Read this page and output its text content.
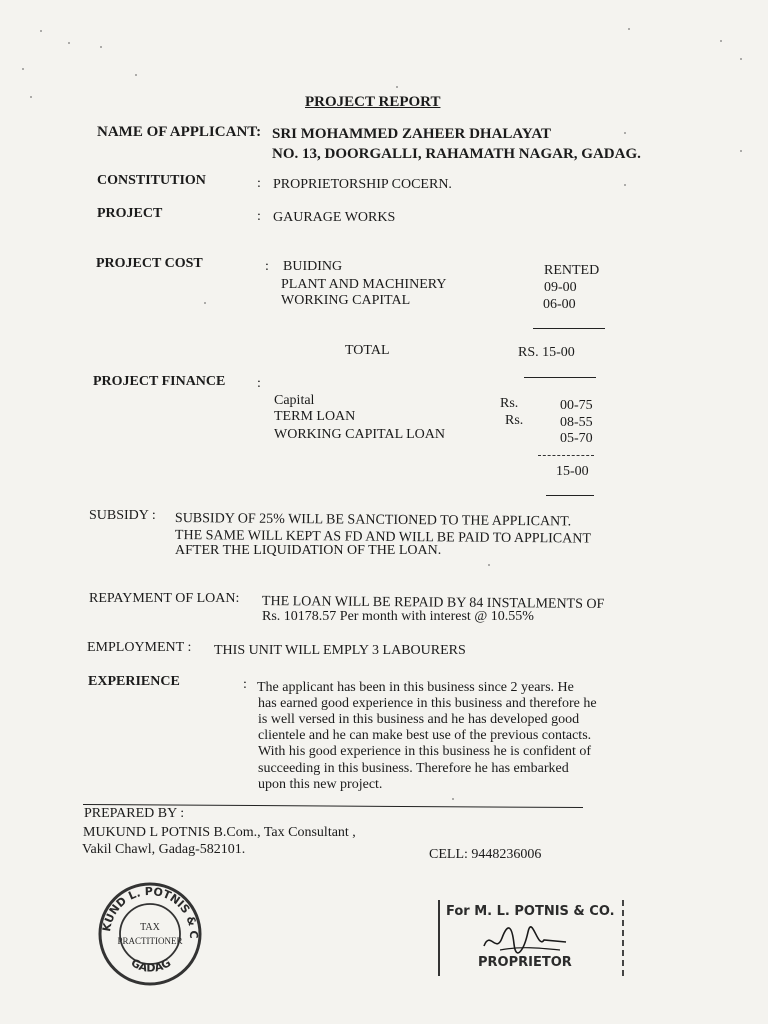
PROJECT REPORT
NAME OF APPLICANT: SRI MOHAMMED ZAHEER DHALAYAT
NO. 13, DOORGALLI, RAHAMATH NAGAR, GADAG.
CONSTITUTION	: PROPRIETORSHIP COCERN.
PROJECT	: GAURAGE WORKS
PROJECT COST	: BUIDING	RENTED
PLANT AND MACHINERY	09-00
WORKING CAPITAL	06-00
TOTAL	RS. 15-00
PROJECT FINANCE :
Capital	Rs.	00-75
TERM LOAN	Rs.	08-55
WORKING CAPITAL LOAN	05-70
15-00
SUBSIDY : SUBSIDY OF 25% WILL BE SANCTIONED TO THE APPLICANT.
THE SAME WILL KEPT AS FD AND WILL BE PAID TO APPLICANT
AFTER THE LIQUIDATION OF THE LOAN.
REPAYMENT OF LOAN: THE LOAN WILL BE REPAID BY 84 INSTALMENTS OF
Rs. 10178.57 Per month with interest @ 10.55%
EMPLOYMENT : THIS UNIT WILL EMPLY 3 LABOURERS
EXPERIENCE	: The applicant has been in this business since 2 years. He
has earned good experience in this business and therefore he
is well versed in this business and he has developed good
clientele and he can make best use of the previous contacts.
With his good experience in this business he is confident of
succeeding in this business. Therefore he has embarked
upon this new project.
PREPARED BY :
MUKUND L POTNIS B.Com., Tax Consultant ,
Vakil Chawl, Gadag-582101.	CELL: 9448236006
KUND L. POTNIS & C
GADAG
TAX
PRACTITIONER
For M. L. POTNIS & CO.
PROPRIETOR
